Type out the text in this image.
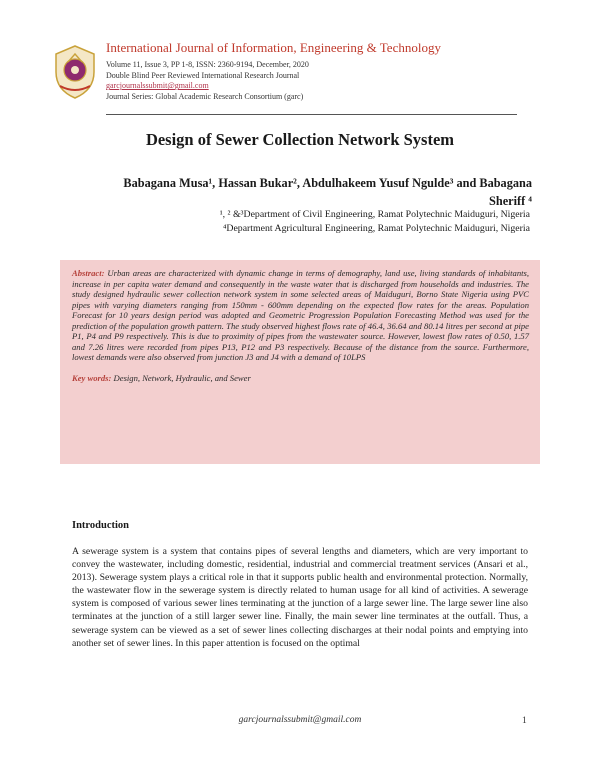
International Journal of Information, Engineering & Technology
Volume 11, Issue 3, PP 1-8, ISSN: 2360-9194, December, 2020
Double Blind Peer Reviewed International Research Journal
garcjournalssubmit@gmail.com
Journal Series: Global Academic Research Consortium (garc)
Design of Sewer Collection Network System
Babagana Musa¹, Hassan Bukar², Abdulhakeem Yusuf Ngulde³ and Babagana
Sheriff ⁴
¹, ² &³Department of Civil Engineering, Ramat Polytechnic Maiduguri, Nigeria
⁴Department Agricultural Engineering, Ramat Polytechnic Maiduguri, Nigeria
Abstract: Urban areas are characterized with dynamic change in terms of demography, land use, living standards of inhabitants, increase in per capita water demand and consequently in the waste water that is discharged from households and industries. The study designed hydraulic sewer collection network system in some selected areas of Maiduguri, Borno State Nigeria using PVC pipes with varying diameters ranging from 150mm - 600mm depending on the expected flow rates for the areas. Population Forecast for 10 years design period was adopted and Geometric Progression Population Forecasting Method was used for the prediction of the population growth pattern. The study observed highest flows rate of 46.4, 36.64 and 80.14 litres per second at pipe P1, P4 and P9 respectively. This is due to proximity of pipes from the wastewater source. However, lowest flow rates of 0.50, 1.57 and 7.26 litres were recorded from pipes P13, P12 and P3 respectively. Because of the distance from the source. Furthermore, lowest demands were also observed from junction J3 and J4 with a demand of 10LPS
Key words: Design, Network, Hydraulic, and Sewer
Introduction
A sewerage system is a system that contains pipes of several lengths and diameters, which are very important to convey the wastewater, including domestic, residential, industrial and commercial treatment services (Ansari et al., 2013). Sewerage system plays a critical role in that it supports public health and environmental protection. Normally, the wastewater flow in the sewerage system is directly related to human usage for all kind of activities. A sewerage system is composed of various sewer lines terminating at the junction of a large sewer line. The large sewer line also terminates at the junction of a still larger sewer line. Finally, the main sewer line terminates at the outfall. Thus, a sewerage system can be viewed as a set of sewer lines collecting discharges at their nodal points and emptying into another set of sewer lines. In this paper attention is focused on the optimal
garcjournalssubmit@gmail.com	1
